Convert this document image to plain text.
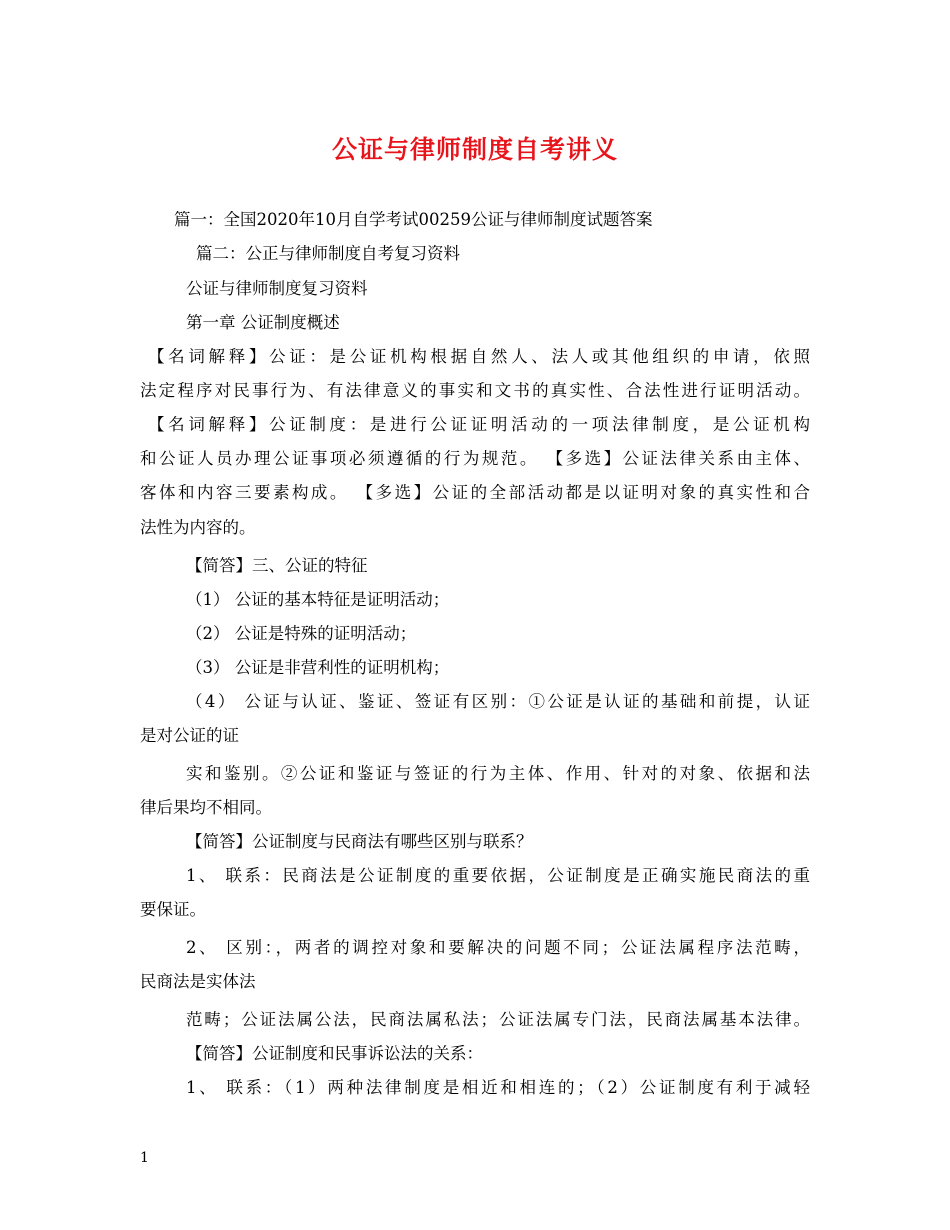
公证与律师制度自考讲义
篇一：全国2020年10月自学考试00259公证与律师制度试题答案
篇二：公正与律师制度自考复习资料
公证与律师制度复习资料
第一章 公证制度概述
【名词解释】公证：是公证机构根据自然人、法人或其他组织的申请，依照
法定程序对民事行为、有法律意义的事实和文书的真实性、合法性进行证明活动。
【名词解释】公证制度：是进行公证证明活动的一项法律制度，是公证机构
和公证人员办理公证事项必须遵循的行为规范。 【多选】公证法律关系由主体、
客体和内容三要素构成。 【多选】公证的全部活动都是以证明对象的真实性和合
法性为内容的。
【简答】三、公证的特征
（1） 公证的基本特征是证明活动；
（2） 公证是特殊的证明活动；
（3） 公证是非营利性的证明机构；
（4） 公证与认证、鉴证、签证有区别：①公证是认证的基础和前提，认证
是对公证的证
实和鉴别。②公证和鉴证与签证的行为主体、作用、针对的对象、依据和法
律后果均不相同。
【简答】公证制度与民商法有哪些区别与联系？
1、 联系：民商法是公证制度的重要依据，公证制度是正确实施民商法的重
要保证。
2、 区别：，两者的调控对象和要解决的问题不同；公证法属程序法范畴，
民商法是实体法
范畴；公证法属公法，民商法属私法；公证法属专门法，民商法属基本法律。
【简答】公证制度和民事诉讼法的关系：
1、 联系：（1）两种法律制度是相近和相连的；（2）公证制度有利于减轻
1
